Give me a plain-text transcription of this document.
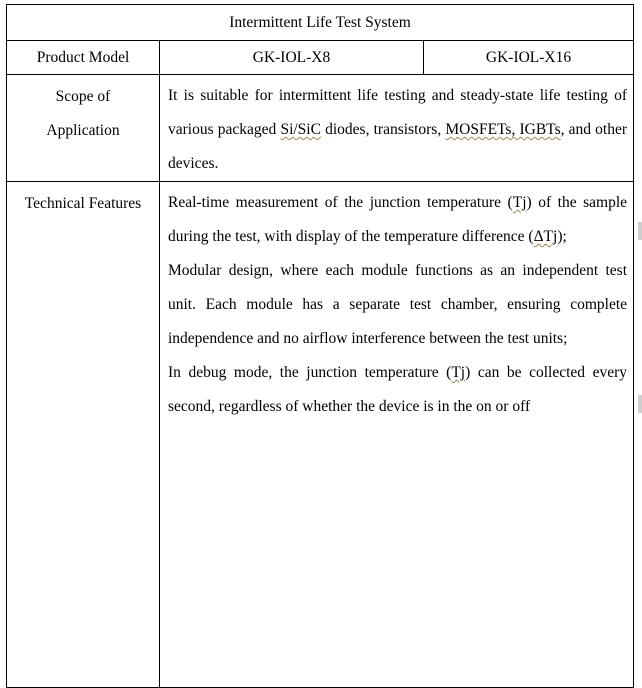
Intermittent Life Test System		
Product Model	GK-IOL-X8	GK-IOL-X16

Scope of
Application	It is suitable for intermittent life testing and steady-state life testing of various packaged Si/SiC diodes, transistors, MOSFETs, IGBTs, and other devices.	

Technical Features	Real-time measurement of the junction temperature (Tj) of the sample during the test, with display of the temperature difference (ΔTj);

Modular design, where each module functions as an independent test unit. Each module has a separate test chamber, ensuring complete independence and no airflow interference between the test units;

In debug mode, the junction temperature (Tj) can be collected every second, regardless of whether the device is in the on or off	
